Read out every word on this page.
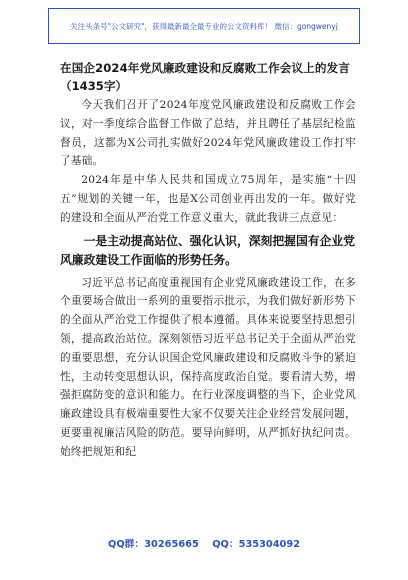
关注头条号"公文研究"，获得最新最全最专业的公文资料库！ 微信：gongwenyj
在国企2024年党风廉政建设和反腐败工作会议上的发言
（1435字）

今天我们召开了2024年度党风廉政建设和反腐败工作会议，对一季度综合监督工作做了总结，并且聘任了基层纪检监督员，这都为X公司扎实做好2024年党风廉政建设工作打牢了基础。

2024年是中华人民共和国成立75周年，是实施“十四五”规划的关键一年，也是X公司创业再出发的一年。做好党的建设和全面从严治党工作意义重大，就此我讲三点意见：

一是主动提高站位、强化认识，深刻把握国有企业党风廉政建设工作面临的形势任务。

习近平总书记高度重视国有企业党风廉政建设工作，在多个重要场合做出一系列的重要指示批示，为我们做好新形势下的全面从严治党工作提供了根本遵循。具体来说要坚持思想引领，提高政治站位。深刻领悟习近平总书记关于全面从严治党的重要思想，充分认识国企党风廉政建设和反腐败斗争的紧迫性，主动转变思想认识，保持高度政治自觉。要看清大势，增强拒腐防变的意识和能力。在行业深度调整的当下，企业党风廉政建设具有极端重要性大家不仅要关注企业经营发展问题，更要重视廉洁风险的防范。要导向鲜明，从严抓好执纪问责。始终把规矩和纪

QQ群：30265665 QQ：535304092
